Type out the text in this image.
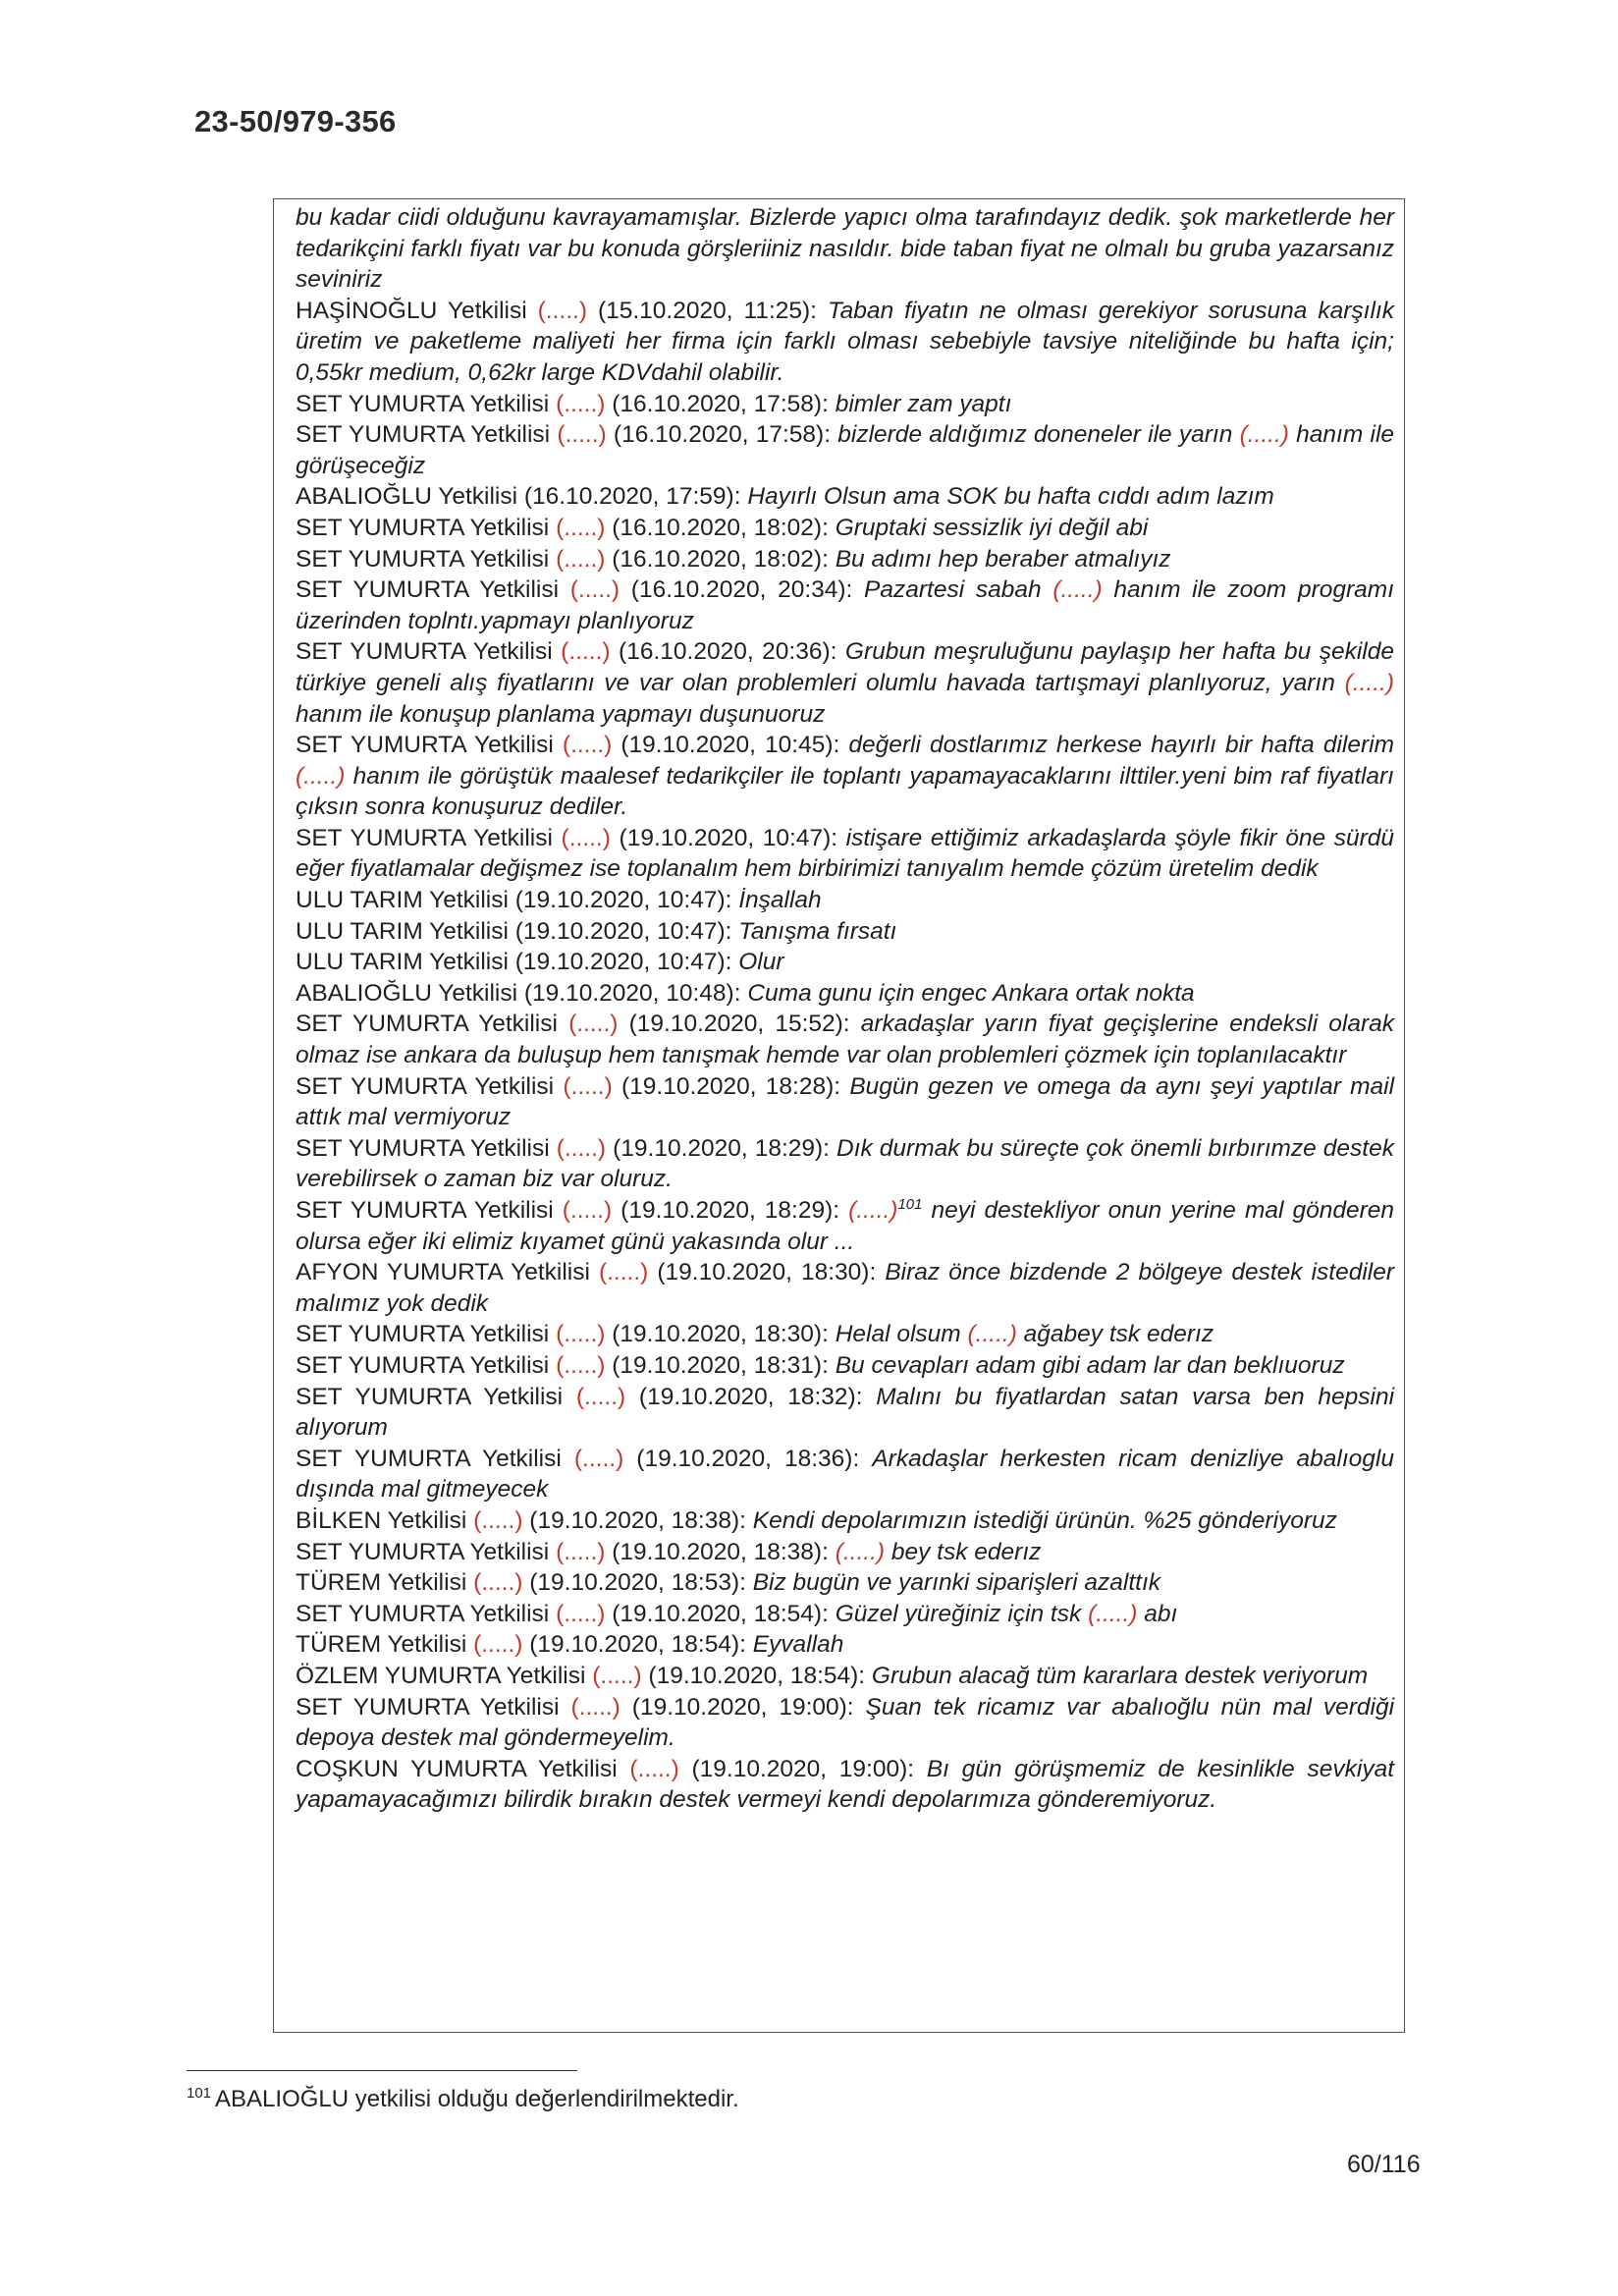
23-50/979-356
bu kadar ciidi olduğunu kavrayamamışlar. Bizlerde yapıcı olma tarafındayız dedik. şok marketlerde her tedarikçini farklı fiyatı var bu konuda görşleriiniz nasıldır. bide taban fiyat ne olmalı bu gruba yazarsanız seviniriz
HAŞİNOĞLU Yetkilisi (.....) (15.10.2020, 11:25): Taban fiyatın ne olması gerekiyor sorusuna karşılık üretim ve paketleme maliyeti her firma için farklı olması sebebiyle tavsiye niteliğinde bu hafta için; 0,55kr medium, 0,62kr large KDVdahil olabilir.
SET YUMURTA Yetkilisi (.....) (16.10.2020, 17:58): bimler zam yaptı
SET YUMURTA Yetkilisi (.....) (16.10.2020, 17:58): bizlerde aldığımız doneneler ile yarın (.....) hanım ile görüşeceğiz
ABALIOĞLU Yetkilisi (16.10.2020, 17:59): Hayırlı Olsun ama SOK bu hafta cıddı adım lazım
SET YUMURTA Yetkilisi (.....) (16.10.2020, 18:02): Gruptaki sessizlik iyi değil abi
SET YUMURTA Yetkilisi (.....) (16.10.2020, 18:02): Bu adımı hep beraber atmalıyız
SET YUMURTA Yetkilisi (.....) (16.10.2020, 20:34): Pazartesi sabah (.....) hanım ile zoom programı üzerinden toplntı.yapmayı planlıyoruz
SET YUMURTA Yetkilisi (.....) (16.10.2020, 20:36): Grubun meşruluğunu paylaşıp her hafta bu şekilde türkiye geneli alış fiyatlarını ve var olan problemleri olumlu havada tartışmayi planlıyoruz, yarın (.....) hanım ile konuşup planlama yapmayı duşunuoruz
SET YUMURTA Yetkilisi (.....) (19.10.2020, 10:45): değerli dostlarımız herkese hayırlı bir hafta dilerim (.....) hanım ile görüştük maalesef tedarikçiler ile toplantı yapamayacaklarını ilttiler.yeni bim raf fiyatları çıksın sonra konuşuruz dediler.
SET YUMURTA Yetkilisi (.....) (19.10.2020, 10:47): istişare ettiğimiz arkadaşlarda şöyle fikir öne sürdü eğer fiyatlamalar değişmez ise toplanalım hem birbirimizi tanıyalım hemde çözüm üretelim dedik
ULU TARIM Yetkilisi (19.10.2020, 10:47): İnşallah
ULU TARIM Yetkilisi (19.10.2020, 10:47): Tanışma fırsatı
ULU TARIM Yetkilisi (19.10.2020, 10:47): Olur
ABALIOĞLU Yetkilisi (19.10.2020, 10:48): Cuma gunu için engec Ankara ortak nokta
SET YUMURTA Yetkilisi (.....) (19.10.2020, 15:52): arkadaşlar yarın fiyat geçişlerine endeksli olarak olmaz ise ankara da buluşup hem tanışmak hemde var olan problemleri çözmek için toplanılacaktır
SET YUMURTA Yetkilisi (.....) (19.10.2020, 18:28): Bugün gezen ve omega da aynı şeyi yaptılar mail attık mal vermiyoruz
SET YUMURTA Yetkilisi (.....) (19.10.2020, 18:29): Dık durmak bu süreçte çok önemli bırbırımze destek verebilirsek o zaman biz var oluruz.
SET YUMURTA Yetkilisi (.....) (19.10.2020, 18:29): (.....)$^{101}$ neyi destekliyor onun yerine mal gönderen olursa eğer iki elimiz kıyamet günü yakasında olur ...
AFYON YUMURTA Yetkilisi (.....) (19.10.2020, 18:30): Biraz önce bizdende 2 bölgeye destek istediler malımız yok dedik
SET YUMURTA Yetkilisi (.....) (19.10.2020, 18:30): Helal olsum (.....) ağabey tsk ederız
SET YUMURTA Yetkilisi (.....) (19.10.2020, 18:31): Bu cevapları adam gibi adam lar dan beklıuoruz
SET YUMURTA Yetkilisi (.....) (19.10.2020, 18:32): Malını bu fiyatlardan satan varsa ben hepsini alıyorum
SET YUMURTA Yetkilisi (.....) (19.10.2020, 18:36): Arkadaşlar herkesten ricam denizliye abalıoglu dışında mal gitmeyecek
BİLKEN Yetkilisi (.....) (19.10.2020, 18:38): Kendi depolarımızın istediği ürünün. %25 gönderiyoruz
SET YUMURTA Yetkilisi (.....) (19.10.2020, 18:38): (.....) bey tsk ederız
TÜREM Yetkilisi (.....) (19.10.2020, 18:53): Biz bugün ve yarınki siparişleri azalttık
SET YUMURTA Yetkilisi (.....) (19.10.2020, 18:54): Güzel yüreğiniz için tsk (.....) abı
TÜREM Yetkilisi (.....) (19.10.2020, 18:54): Eyvallah
ÖZLEM YUMURTA Yetkilisi (.....) (19.10.2020, 18:54): Grubun alacağ tüm kararlara destek veriyorum
SET YUMURTA Yetkilisi (.....) (19.10.2020, 19:00): Şuan tek ricamız var abalıoğlu nün mal verdiği depoya destek mal göndermeyelim.
COŞKUN YUMURTA Yetkilisi (.....) (19.10.2020, 19:00): Bı gün görüşmemiz de kesinlikle sevkiyat yapamayacağımızı bilirdik bırakın destek vermeyi kendi depolarımıza gönderemiyoruz.
$^{101}$ ABALIOĞLU yetkilisi olduğu değerlendirilmektedir.
60/116
